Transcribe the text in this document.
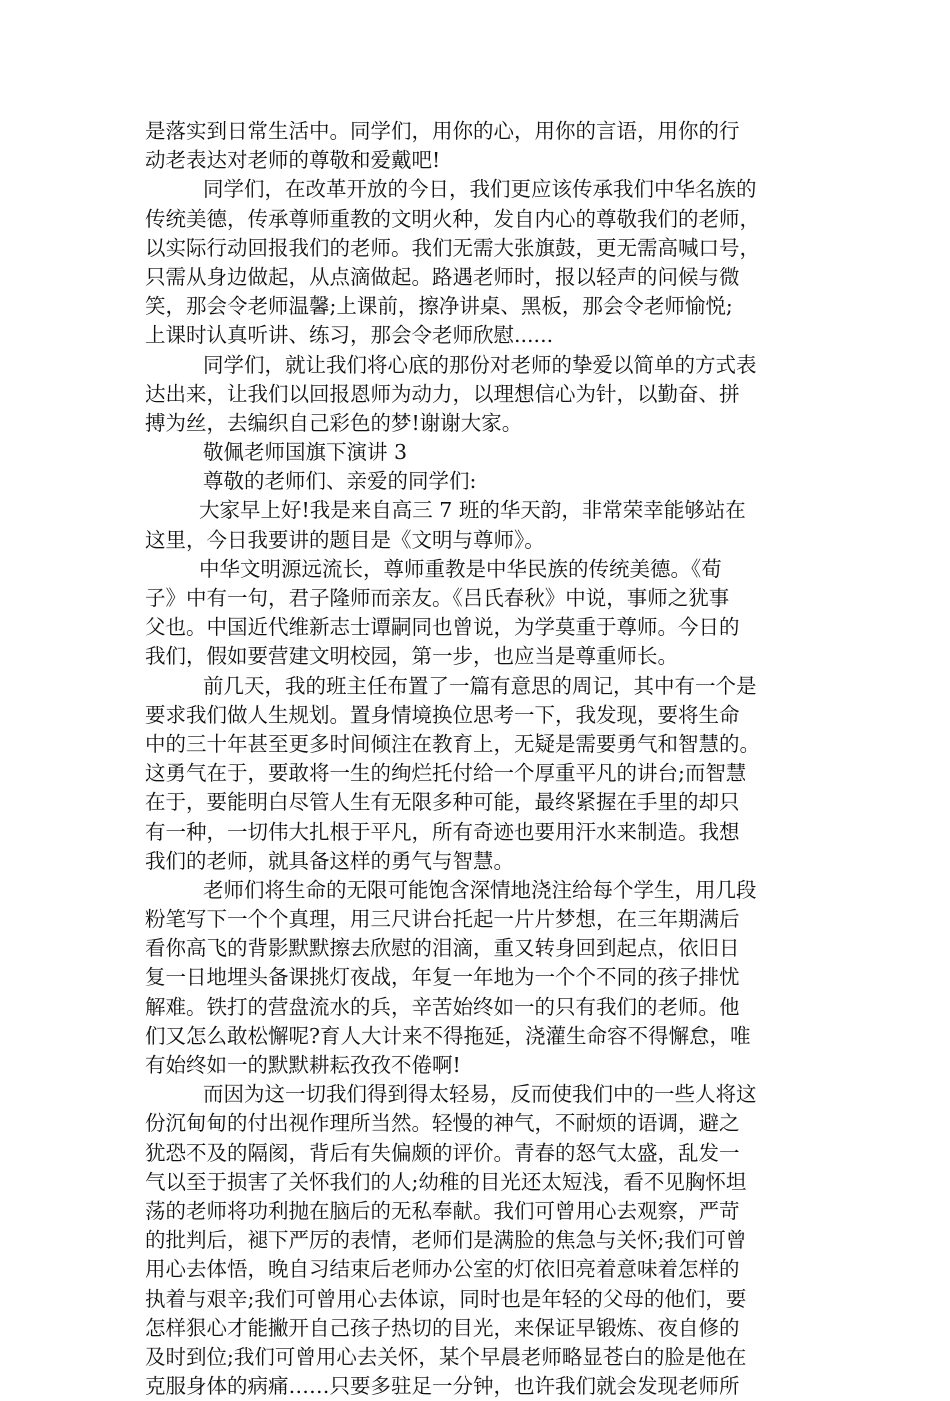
是落实到日常生活中。同学们，用你的心，用你的言语，用你的行
动老表达对老师的尊敬和爱戴吧!
同学们，在改革开放的今日，我们更应该传承我们中华名族的
传统美德，传承尊师重教的文明火种，发自内心的尊敬我们的老师，
以实际行动回报我们的老师。我们无需大张旗鼓，更无需高喊口号，
只需从身边做起，从点滴做起。路遇老师时，报以轻声的问候与微
笑，那会令老师温馨;上课前，擦净讲桌、黑板，那会令老师愉悦;
上课时认真听讲、练习，那会令老师欣慰......
同学们，就让我们将心底的那份对老师的挚爱以简单的方式表
达出来，让我们以回报恩师为动力，以理想信心为针，以勤奋、拼
搏为丝，去编织自己彩色的梦!谢谢大家。
敬佩老师国旗下演讲 3
尊敬的老师们、亲爱的同学们:
大家早上好!我是来自高三 7 班的华天韵，非常荣幸能够站在
这里，今日我要讲的题目是《文明与尊师》。
中华文明源远流长，尊师重教是中华民族的传统美德。《荀
子》中有一句，君子隆师而亲友。《吕氏春秋》中说，事师之犹事
父也。中国近代维新志士谭嗣同也曾说，为学莫重于尊师。今日的
我们，假如要营建文明校园，第一步，也应当是尊重师长。
前几天，我的班主任布置了一篇有意思的周记，其中有一个是
要求我们做人生规划。置身情境换位思考一下，我发现，要将生命
中的三十年甚至更多时间倾注在教育上，无疑是需要勇气和智慧的。
这勇气在于，要敢将一生的绚烂托付给一个厚重平凡的讲台;而智慧
在于，要能明白尽管人生有无限多种可能，最终紧握在手里的却只
有一种，一切伟大扎根于平凡，所有奇迹也要用汗水来制造。我想
我们的老师，就具备这样的勇气与智慧。
老师们将生命的无限可能饱含深情地浇注给每个学生，用几段
粉笔写下一个个真理，用三尺讲台托起一片片梦想，在三年期满后
看你高飞的背影默默擦去欣慰的泪滴，重又转身回到起点，依旧日
复一日地埋头备课挑灯夜战，年复一年地为一个个不同的孩子排忧
解难。铁打的营盘流水的兵，辛苦始终如一的只有我们的老师。他
们又怎么敢松懈呢?育人大计来不得拖延，浇灌生命容不得懈怠，唯
有始终如一的默默耕耘孜孜不倦啊!
而因为这一切我们得到得太轻易，反而使我们中的一些人将这
份沉甸甸的付出视作理所当然。轻慢的神气，不耐烦的语调，避之
犹恐不及的隔阂，背后有失偏颇的评价。青春的怒气太盛，乱发一
气以至于损害了关怀我们的人;幼稚的目光还太短浅，看不见胸怀坦
荡的老师将功利抛在脑后的无私奉献。我们可曾用心去观察，严苛
的批判后，褪下严厉的表情，老师们是满脸的焦急与关怀;我们可曾
用心去体悟，晚自习结束后老师办公室的灯依旧亮着意味着怎样的
执着与艰辛;我们可曾用心去体谅，同时也是年轻的父母的他们，要
怎样狠心才能撇开自己孩子热切的目光，来保证早锻炼、夜自修的
及时到位;我们可曾用心去关怀，某个早晨老师略显苍白的脸是他在
克服身体的病痛……只要多驻足一分钟，也许我们就会发现老师所
